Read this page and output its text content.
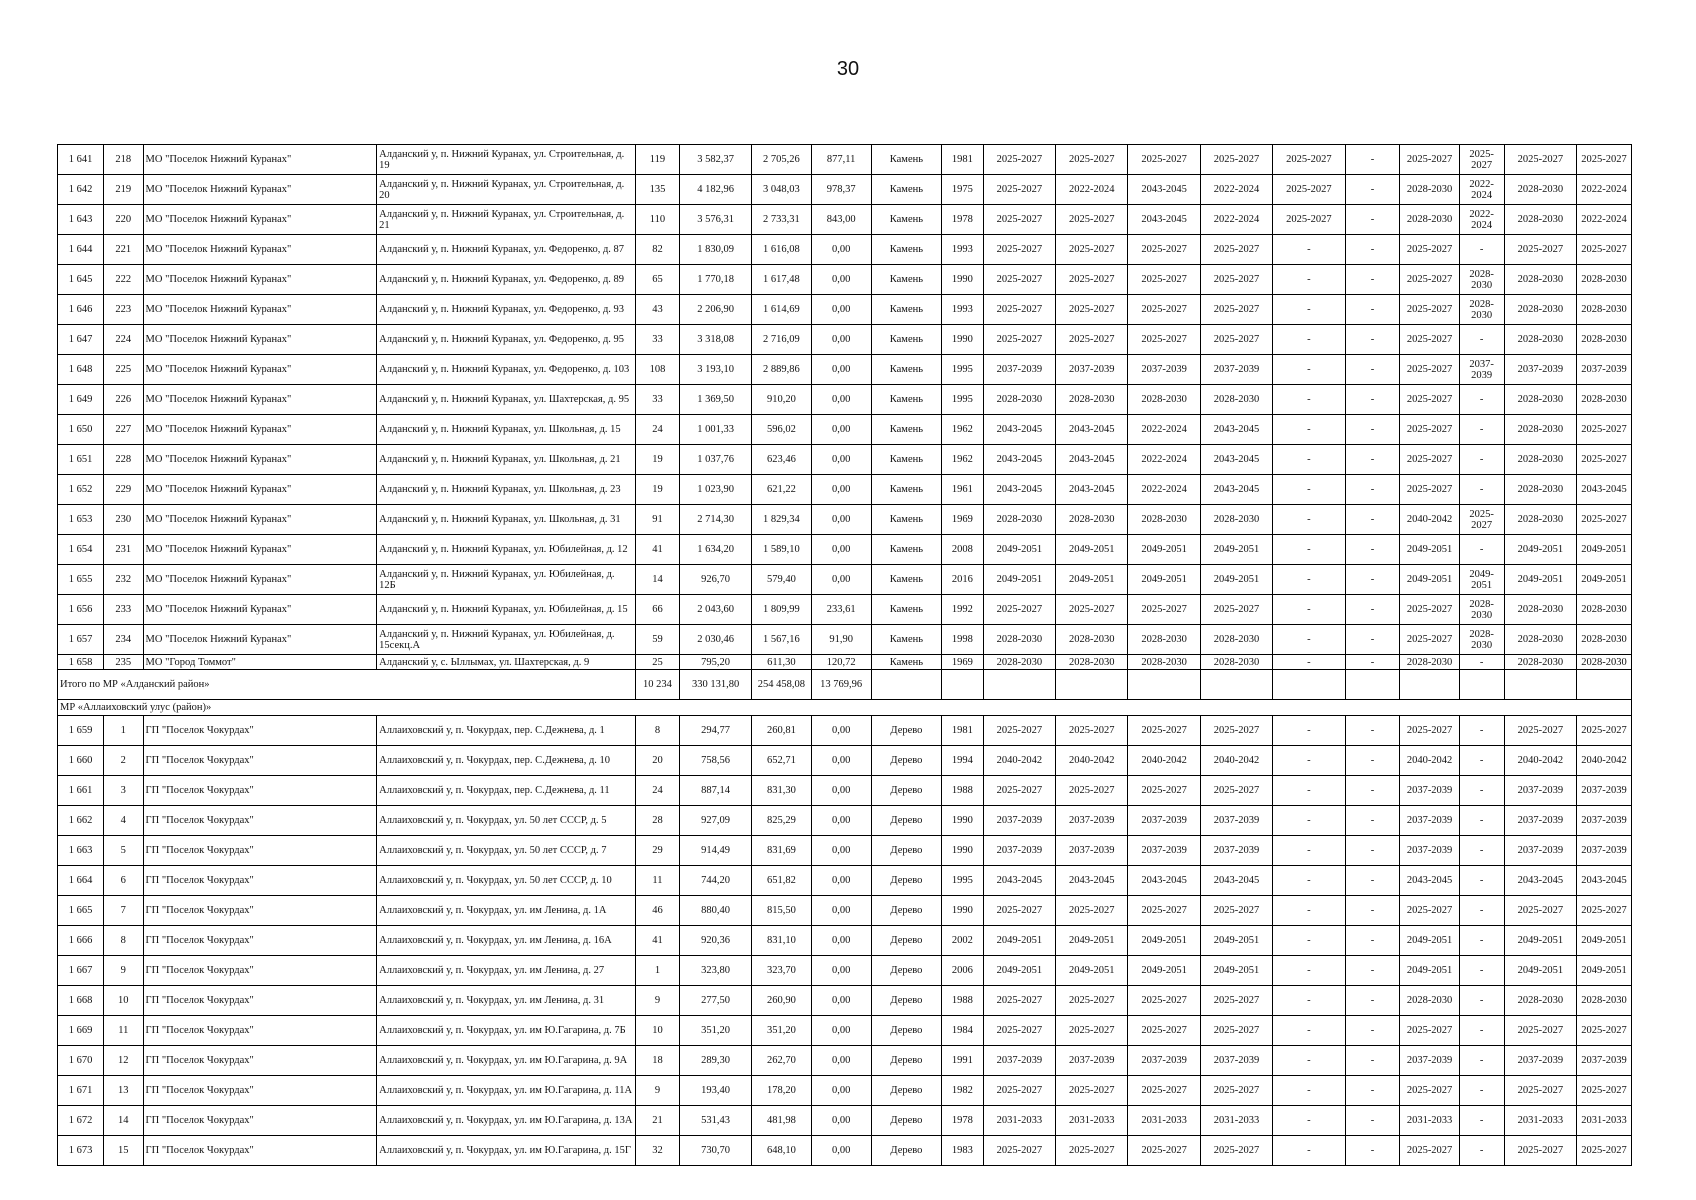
30
1 641	218	МО "Поселок Нижний Куранах"	Алданский у, п. Нижний Куранах, ул. Строительная, д. 19	119	3 582,37	2 705,26	877,11	Камень	1981	2025-2027	2025-2027	2025-2027	2025-2027	2025-2027	-	2025-2027	2025-2027	2025-2027	2025-2027
1 642	219	МО "Поселок Нижний Куранах"	Алданский у, п. Нижний Куранах, ул. Строительная, д. 20	135	4 182,96	3 048,03	978,37	Камень	1975	2025-2027	2022-2024	2043-2045	2022-2024	2025-2027	-	2028-2030	2022-2024	2028-2030	2022-2024
1 643	220	МО "Поселок Нижний Куранах"	Алданский у, п. Нижний Куранах, ул. Строительная, д. 21	110	3 576,31	2 733,31	843,00	Камень	1978	2025-2027	2025-2027	2043-2045	2022-2024	2025-2027	-	2028-2030	2022-2024	2028-2030	2022-2024
1 644	221	МО "Поселок Нижний Куранах"	Алданский у, п. Нижний Куранах, ул. Федоренко, д. 87	82	1 830,09	1 616,08	0,00	Камень	1993	2025-2027	2025-2027	2025-2027	2025-2027	-	-	2025-2027	-	2025-2027	2025-2027
1 645	222	МО "Поселок Нижний Куранах"	Алданский у, п. Нижний Куранах, ул. Федоренко, д. 89	65	1 770,18	1 617,48	0,00	Камень	1990	2025-2027	2025-2027	2025-2027	2025-2027	-	-	2025-2027	2028-2030	2028-2030	2028-2030
1 646	223	МО "Поселок Нижний Куранах"	Алданский у, п. Нижний Куранах, ул. Федоренко, д. 93	43	2 206,90	1 614,69	0,00	Камень	1993	2025-2027	2025-2027	2025-2027	2025-2027	-	-	2025-2027	2028-2030	2028-2030	2028-2030
1 647	224	МО "Поселок Нижний Куранах"	Алданский у, п. Нижний Куранах, ул. Федоренко, д. 95	33	3 318,08	2 716,09	0,00	Камень	1990	2025-2027	2025-2027	2025-2027	2025-2027	-	-	2025-2027	-	2028-2030	2028-2030
1 648	225	МО "Поселок Нижний Куранах"	Алданский у, п. Нижний Куранах, ул. Федоренко, д. 103	108	3 193,10	2 889,86	0,00	Камень	1995	2037-2039	2037-2039	2037-2039	2037-2039	-	-	2025-2027	2037-2039	2037-2039	2037-2039
1 649	226	МО "Поселок Нижний Куранах"	Алданский у, п. Нижний Куранах, ул. Шахтерская, д. 95	33	1 369,50	910,20	0,00	Камень	1995	2028-2030	2028-2030	2028-2030	2028-2030	-	-	2025-2027	-	2028-2030	2028-2030
1 650	227	МО "Поселок Нижний Куранах"	Алданский у, п. Нижний Куранах, ул. Школьная, д. 15	24	1 001,33	596,02	0,00	Камень	1962	2043-2045	2043-2045	2022-2024	2043-2045	-	-	2025-2027	-	2028-2030	2025-2027
1 651	228	МО "Поселок Нижний Куранах"	Алданский у, п. Нижний Куранах, ул. Школьная, д. 21	19	1 037,76	623,46	0,00	Камень	1962	2043-2045	2043-2045	2022-2024	2043-2045	-	-	2025-2027	-	2028-2030	2025-2027
1 652	229	МО "Поселок Нижний Куранах"	Алданский у, п. Нижний Куранах, ул. Школьная, д. 23	19	1 023,90	621,22	0,00	Камень	1961	2043-2045	2043-2045	2022-2024	2043-2045	-	-	2025-2027	-	2028-2030	2043-2045
1 653	230	МО "Поселок Нижний Куранах"	Алданский у, п. Нижний Куранах, ул. Школьная, д. 31	91	2 714,30	1 829,34	0,00	Камень	1969	2028-2030	2028-2030	2028-2030	2028-2030	-	-	2040-2042	2025-2027	2028-2030	2025-2027
1 654	231	МО "Поселок Нижний Куранах"	Алданский у, п. Нижний Куранах, ул. Юбилейная, д. 12	41	1 634,20	1 589,10	0,00	Камень	2008	2049-2051	2049-2051	2049-2051	2049-2051	-	-	2049-2051	-	2049-2051	2049-2051
1 655	232	МО "Поселок Нижний Куранах"	Алданский у, п. Нижний Куранах, ул. Юбилейная, д. 12Б	14	926,70	579,40	0,00	Камень	2016	2049-2051	2049-2051	2049-2051	2049-2051	-	-	2049-2051	2049-2051	2049-2051	2049-2051
1 656	233	МО "Поселок Нижний Куранах"	Алданский у, п. Нижний Куранах, ул. Юбилейная, д. 15	66	2 043,60	1 809,99	233,61	Камень	1992	2025-2027	2025-2027	2025-2027	2025-2027	-	-	2025-2027	2028-2030	2028-2030	2028-2030
1 657	234	МО "Поселок Нижний Куранах"	Алданский у, п. Нижний Куранах, ул. Юбилейная, д. 15секц.А	59	2 030,46	1 567,16	91,90	Камень	1998	2028-2030	2028-2030	2028-2030	2028-2030	-	-	2025-2027	2028-2030	2028-2030	2028-2030
1 658	235	МО "Город Томмот"	Алданский у, с. Ыллымах, ул. Шахтерская, д. 9	25	795,20	611,30	120,72	Камень	1969	2028-2030	2028-2030	2028-2030	2028-2030	-	-	2028-2030	-	2028-2030	2028-2030
Итого по МР «Алданский район»				10 234	330 131,80	254 458,08	13 769,96												
МР «Аллаиховский улус (район)»																			
1 659	1	ГП "Поселок Чокурдах"	Аллаиховский у, п. Чокурдах, пер. С.Дежнева, д. 1	8	294,77	260,81	0,00	Дерево	1981	2025-2027	2025-2027	2025-2027	2025-2027	-	-	2025-2027	-	2025-2027	2025-2027
1 660	2	ГП "Поселок Чокурдах"	Аллаиховский у, п. Чокурдах, пер. С.Дежнева, д. 10	20	758,56	652,71	0,00	Дерево	1994	2040-2042	2040-2042	2040-2042	2040-2042	-	-	2040-2042	-	2040-2042	2040-2042
1 661	3	ГП "Поселок Чокурдах"	Аллаиховский у, п. Чокурдах, пер. С.Дежнева, д. 11	24	887,14	831,30	0,00	Дерево	1988	2025-2027	2025-2027	2025-2027	2025-2027	-	-	2037-2039	-	2037-2039	2037-2039
1 662	4	ГП "Поселок Чокурдах"	Аллаиховский у, п. Чокурдах, ул. 50 лет СССР, д. 5	28	927,09	825,29	0,00	Дерево	1990	2037-2039	2037-2039	2037-2039	2037-2039	-	-	2037-2039	-	2037-2039	2037-2039
1 663	5	ГП "Поселок Чокурдах"	Аллаиховский у, п. Чокурдах, ул. 50 лет СССР, д. 7	29	914,49	831,69	0,00	Дерево	1990	2037-2039	2037-2039	2037-2039	2037-2039	-	-	2037-2039	-	2037-2039	2037-2039
1 664	6	ГП "Поселок Чокурдах"	Аллаиховский у, п. Чокурдах, ул. 50 лет СССР, д. 10	11	744,20	651,82	0,00	Дерево	1995	2043-2045	2043-2045	2043-2045	2043-2045	-	-	2043-2045	-	2043-2045	2043-2045
1 665	7	ГП "Поселок Чокурдах"	Аллаиховский у, п. Чокурдах, ул. им Ленина, д. 1А	46	880,40	815,50	0,00	Дерево	1990	2025-2027	2025-2027	2025-2027	2025-2027	-	-	2025-2027	-	2025-2027	2025-2027
1 666	8	ГП "Поселок Чокурдах"	Аллаиховский у, п. Чокурдах, ул. им Ленина, д. 16А	41	920,36	831,10	0,00	Дерево	2002	2049-2051	2049-2051	2049-2051	2049-2051	-	-	2049-2051	-	2049-2051	2049-2051
1 667	9	ГП "Поселок Чокурдах"	Аллаиховский у, п. Чокурдах, ул. им Ленина, д. 27	1	323,80	323,70	0,00	Дерево	2006	2049-2051	2049-2051	2049-2051	2049-2051	-	-	2049-2051	-	2049-2051	2049-2051
1 668	10	ГП "Поселок Чокурдах"	Аллаиховский у, п. Чокурдах, ул. им Ленина, д. 31	9	277,50	260,90	0,00	Дерево	1988	2025-2027	2025-2027	2025-2027	2025-2027	-	-	2028-2030	-	2028-2030	2028-2030
1 669	11	ГП "Поселок Чокурдах"	Аллаиховский у, п. Чокурдах, ул. им Ю.Гагарина, д. 7Б	10	351,20	351,20	0,00	Дерево	1984	2025-2027	2025-2027	2025-2027	2025-2027	-	-	2025-2027	-	2025-2027	2025-2027
1 670	12	ГП "Поселок Чокурдах"	Аллаиховский у, п. Чокурдах, ул. им Ю.Гагарина, д. 9А	18	289,30	262,70	0,00	Дерево	1991	2037-2039	2037-2039	2037-2039	2037-2039	-	-	2037-2039	-	2037-2039	2037-2039
1 671	13	ГП "Поселок Чокурдах"	Аллаиховский у, п. Чокурдах, ул. им Ю.Гагарина, д. 11А	9	193,40	178,20	0,00	Дерево	1982	2025-2027	2025-2027	2025-2027	2025-2027	-	-	2025-2027	-	2025-2027	2025-2027
1 672	14	ГП "Поселок Чокурдах"	Аллаиховский у, п. Чокурдах, ул. им Ю.Гагарина, д. 13А	21	531,43	481,98	0,00	Дерево	1978	2031-2033	2031-2033	2031-2033	2031-2033	-	-	2031-2033	-	2031-2033	2031-2033
1 673	15	ГП "Поселок Чокурдах"	Аллаиховский у, п. Чокурдах, ул. им Ю.Гагарина, д. 15Г	32	730,70	648,10	0,00	Дерево	1983	2025-2027	2025-2027	2025-2027	2025-2027	-	-	2025-2027	-	2025-2027	2025-2027
